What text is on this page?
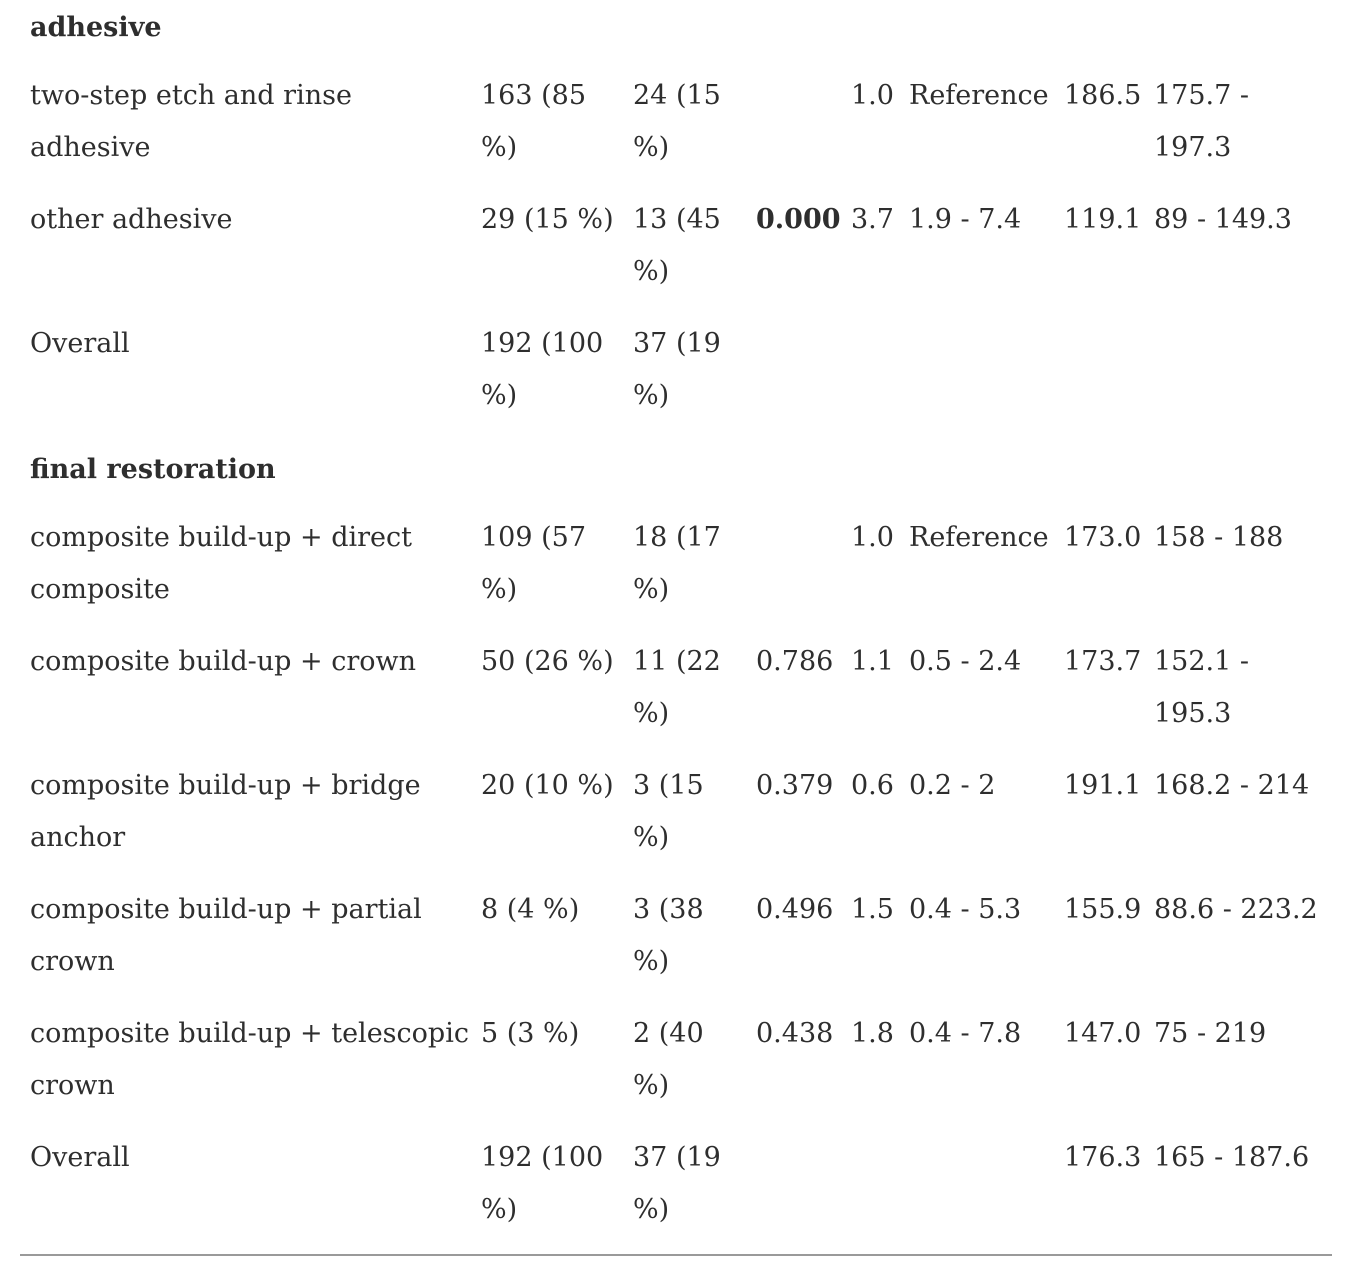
adhesive							
two-step etch and rinse adhesive	163 (85 %)	24 (15 %)		1.0	Reference	186.5	175.7 - 197.3
other adhesive	29 (15 %)	13 (45 %)	0.000	3.7	1.9 - 7.4	119.1	89 - 149.3
Overall	192 (100 %)	37 (19 %)					
final restoration							
composite build-up + direct composite	109 (57 %)	18 (17 %)		1.0	Reference	173.0	158 - 188
composite build-up + crown	50 (26 %)	11 (22 %)	0.786	1.1	0.5 - 2.4	173.7	152.1 - 195.3
composite build-up + bridge anchor	20 (10 %)	3 (15 %)	0.379	0.6	0.2 - 2	191.1	168.2 - 214
composite build-up + partial crown	8 (4 %)	3 (38 %)	0.496	1.5	0.4 - 5.3	155.9	88.6 - 223.2
composite build-up + telescopic crown	5 (3 %)	2 (40 %)	0.438	1.8	0.4 - 7.8	147.0	75 - 219
Overall	192 (100 %)	37 (19 %)				176.3	165 - 187.6
